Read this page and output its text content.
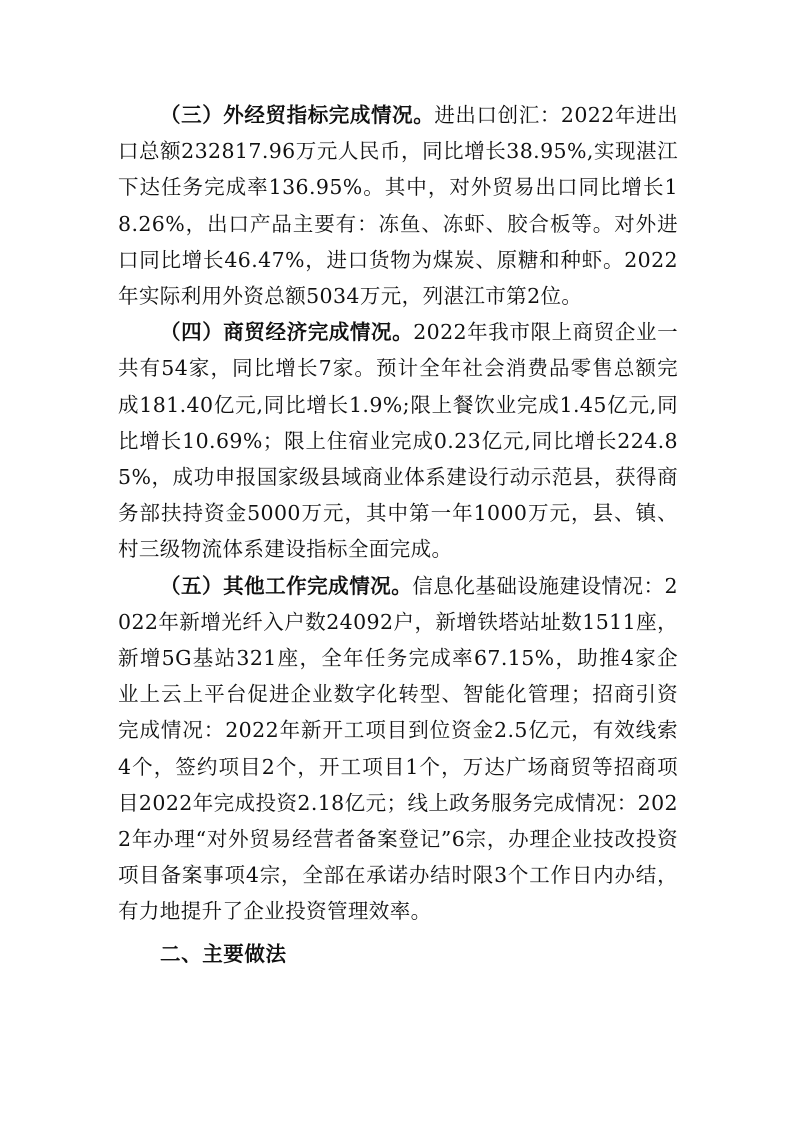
（三）外经贸指标完成情况。进出口创汇：2022年进出口总额232817.96万元人民币，同比增长38.95%,实现湛江下达任务完成率136.95%。其中，对外贸易出口同比增长18.26%，出口产品主要有：冻鱼、冻虾、胶合板等。对外进口同比增长46.47%，进口货物为煤炭、原糖和种虾。2022年实际利用外资总额5034万元，列湛江市第2位。

（四）商贸经济完成情况。2022年我市限上商贸企业一共有54家，同比增长7家。预计全年社会消费品零售总额完成181.40亿元,同比增长1.9%;限上餐饮业完成1.45亿元,同比增长10.69%；限上住宿业完成0.23亿元,同比增长224.85%，成功申报国家级县域商业体系建设行动示范县，获得商务部扶持资金5000万元，其中第一年1000万元，县、镇、村三级物流体系建设指标全面完成。

（五）其他工作完成情况。信息化基础设施建设情况：2022年新增光纤入户数24092户，新增铁塔站址数1511座，新增5G基站321座，全年任务完成率67.15%，助推4家企业上云上平台促进企业数字化转型、智能化管理；招商引资完成情况：2022年新开工项目到位资金2.5亿元，有效线索4个，签约项目2个，开工项目1个，万达广场商贸等招商项目2022年完成投资2.18亿元；线上政务服务完成情况：2022年办理“对外贸易经营者备案登记”6宗，办理企业技改投资项目备案事项4宗，全部在承诺办结时限3个工作日内办结，有力地提升了企业投资管理效率。

二、主要做法
